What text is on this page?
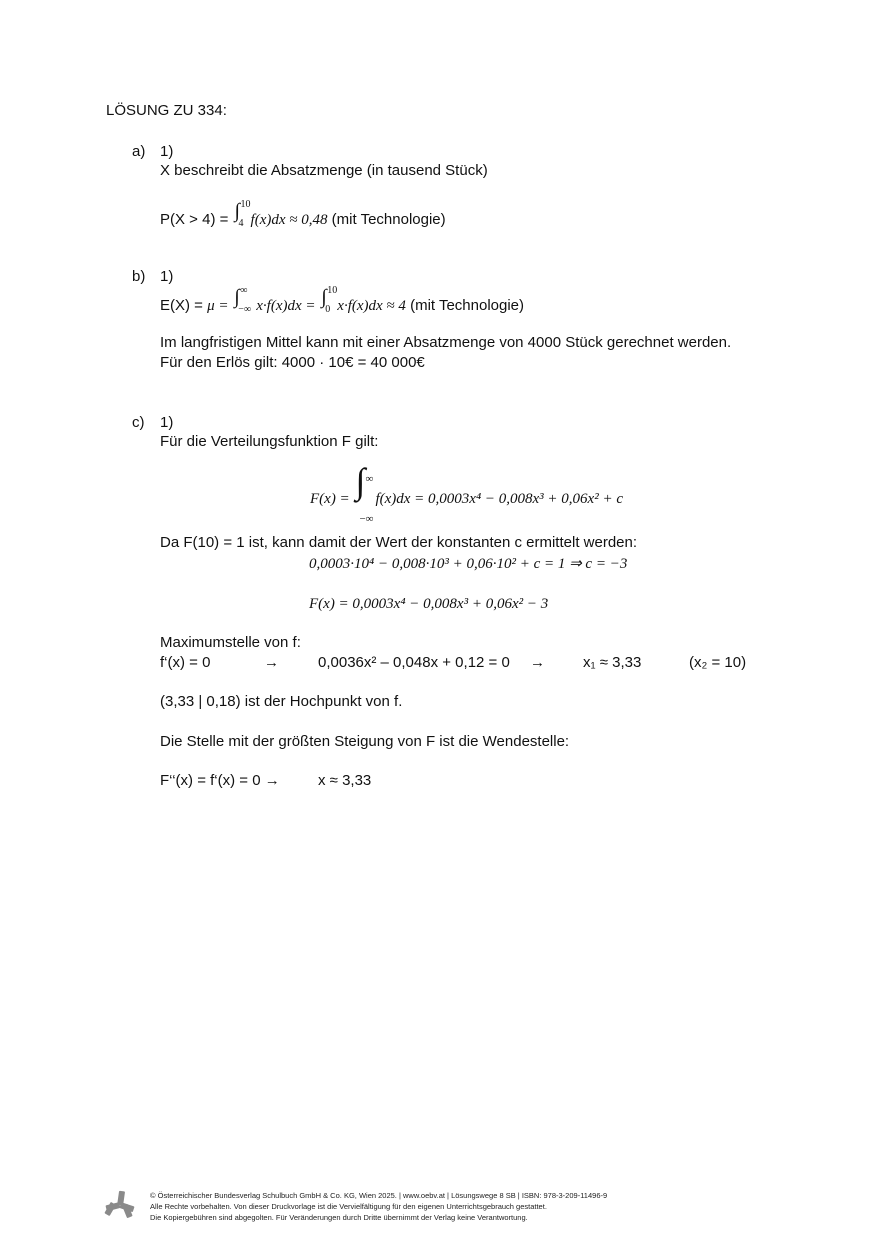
LÖSUNG ZU 334:
a) 1)
X beschreibt die Absatzmenge (in tausend Stück)
P(X > 4) = ∫ 10
4 f(x)dx ≈ 0,48 (mit Technologie)
b) 1)
E(X) = μ = ∫ ∞
−∞ x·f(x)dx = ∫ 10
0 x·f(x)dx ≈ 4 (mit Technologie)
Im langfristigen Mittel kann mit einer Absatzmenge von 4000 Stück gerechnet werden.
Für den Erlös gilt: 4000 · 10€ = 40 000€
c) 1)
Für die Verteilungsfunktion F gilt:
F(x) = ∫ ∞
−∞
f(x)dx = 0,0003x⁴ − 0,008x³ + 0,06x² + c
Da F(10) = 1 ist, kann damit der Wert der konstanten c ermittelt werden:
0,0003·10⁴ − 0,008·10³ + 0,06·10² + c = 1 ⇒ c = −3
F(x) = 0,0003x⁴ − 0,008x³ + 0,06x² − 3
Maximumstelle von f:
f‘(x) = 0	→	0,0036x² – 0,048x + 0,12 = 0 →	x₁ ≈ 3,33	(x₂ = 10)
(3,33 | 0,18) ist der Hochpunkt von f.
Die Stelle mit der größten Steigung von F ist die Wendestelle:
F‘‘(x) = f‘(x) = 0 →	x ≈ 3,33
© Österreichischer Bundesverlag Schulbuch GmbH & Co. KG, Wien 2025. | www.oebv.at | Lösungswege 8 SB | ISBN: 978-3-209-11496-9
Alle Rechte vorbehalten. Von dieser Druckvorlage ist die Vervielfältigung für den eigenen Unterrichtsgebrauch gestattet.
Die Kopiergebühren sind abgegolten. Für Veränderungen durch Dritte übernimmt der Verlag keine Verantwortung.
